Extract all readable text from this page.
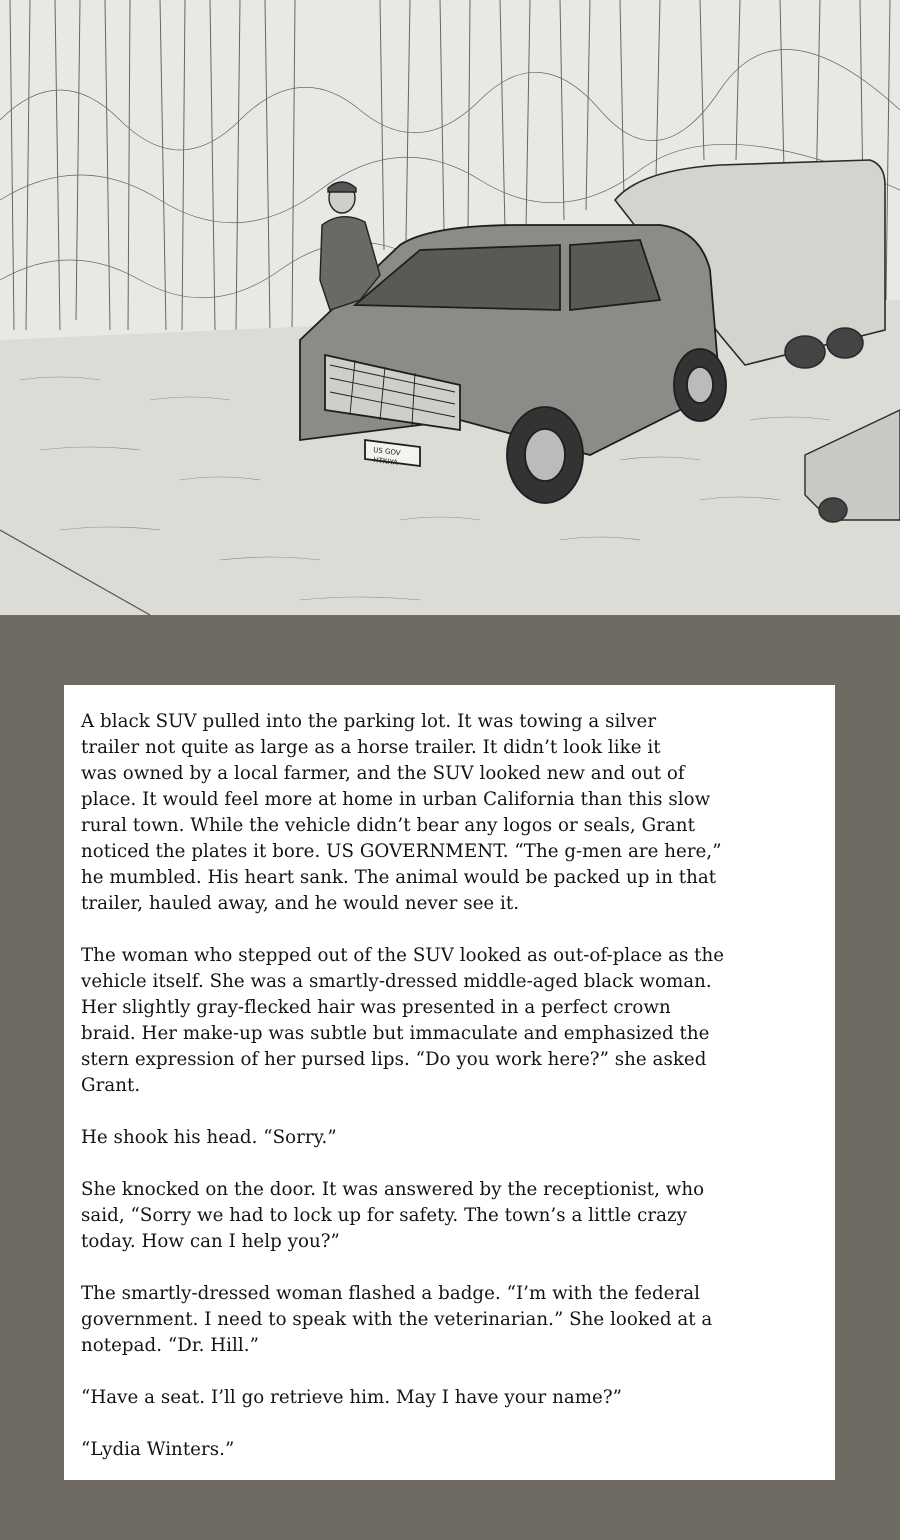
US GOV
HTKIYA

A black SUV pulled into the parking lot. It was towing a silver
trailer not quite as large as a horse trailer. It didn’t look like it
was owned by a local farmer, and the SUV looked new and out of
place. It would feel more at home in urban California than this slow
rural town. While the vehicle didn’t bear any logos or seals, Grant
noticed the plates it bore. US GOVERNMENT. “The g-men are here,”
he mumbled. His heart sank. The animal would be packed up in that
trailer, hauled away, and he would never see it.

The woman who stepped out of the SUV looked as out-of-place as the
vehicle itself. She was a smartly-dressed middle-aged black woman.
Her slightly gray-flecked hair was presented in a perfect crown
braid. Her make-up was subtle but immaculate and emphasized the
stern expression of her pursed lips. “Do you work here?” she asked
Grant.

He shook his head. “Sorry.”

She knocked on the door. It was answered by the receptionist, who
said, “Sorry we had to lock up for safety. The town’s a little crazy
today. How can I help you?”

The smartly-dressed woman flashed a badge. “I’m with the federal
government. I need to speak with the veterinarian.” She looked at a
notepad. “Dr. Hill.”

“Have a seat. I’ll go retrieve him. May I have your name?”

“Lydia Winters.”
